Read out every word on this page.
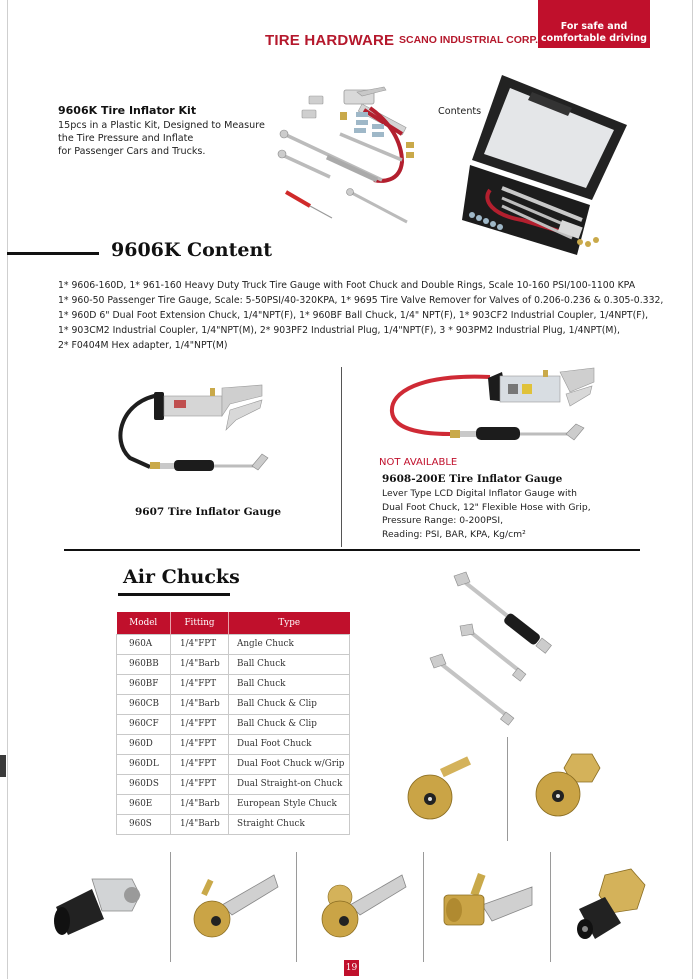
TIRE HARDWARE SCANO INDUSTRIAL CORP.
For safe and
comfortable driving
9606K Tire Inflator Kit
15pcs in a Plastic Kit, Designed to Measure
the Tire Pressure and Inflate
for Passenger Cars and Trucks.
Contents
9606K Content
1* 9606-160D, 1* 961-160 Heavy Duty Truck Tire Gauge with Foot Chuck and Double Rings, Scale 10-160 PSI/100-1100 KPA
1* 960-50 Passenger Tire Gauge, Scale: 5-50PSI/40-320KPA, 1* 9695 Tire Valve Remover for Valves of 0.206-0.236 & 0.305-0.332,
1* 960D 6" Dual Foot Extension Chuck, 1/4"NPT(F), 1* 960BF Ball Chuck, 1/4" NPT(F), 1* 903CF2 Industrial Coupler, 1/4NPT(F),
1* 903CM2 Industrial Coupler, 1/4"NPT(M), 2* 903PF2 Industrial Plug, 1/4"NPT(F), 3 * 903PM2 Industrial Plug, 1/4NPT(M),
2* F0404M Hex adapter, 1/4"NPT(M)
9607 Tire Inflator Gauge
NOT AVAILABLE
9608-200E Tire Inflator Gauge
Lever Type LCD Digital Inflator Gauge with
Dual Foot Chuck, 12" Flexible Hose with Grip,
Pressure Range: 0-200PSI,
Reading: PSI, BAR, KPA, Kg/cm²
Air Chucks
Model	Fitting	Type
960A	1/4"FPT	Angle Chuck
960BB	1/4"Barb	Ball Chuck
960BF	1/4"FPT	Ball Chuck
960CB	1/4"Barb	Ball Chuck & Clip
960CF	1/4"FPT	Ball Chuck & Clip
960D	1/4"FPT	Dual Foot Chuck
960DL	1/4"FPT	Dual Foot Chuck w/Grip
960DS	1/4"FPT	Dual Straight-on Chuck
960E	1/4"Barb	European Style Chuck
960S	1/4"Barb	Straight Chuck
19
